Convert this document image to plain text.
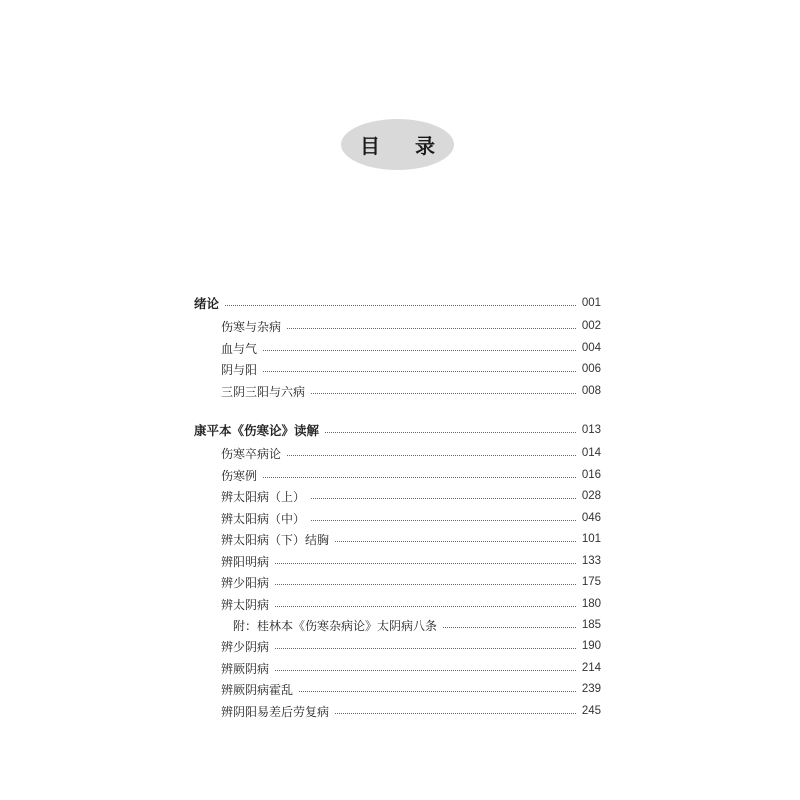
目 录
绪论	001
伤寒与杂病	002
血与气	004
阴与阳	006
三阴三阳与六病	008
康平本《伤寒论》读解	013
伤寒卒病论	014
伤寒例	016
辨太阳病（上）	028
辨太阳病（中）	046
辨太阳病（下）结胸	101
辨阳明病	133
辨少阳病	175
辨太阴病	180
附：桂林本《伤寒杂病论》太阴病八条	185
辨少阴病	190
辨厥阴病	214
辨厥阴病霍乱	239
辨阴阳易差后劳复病	245
